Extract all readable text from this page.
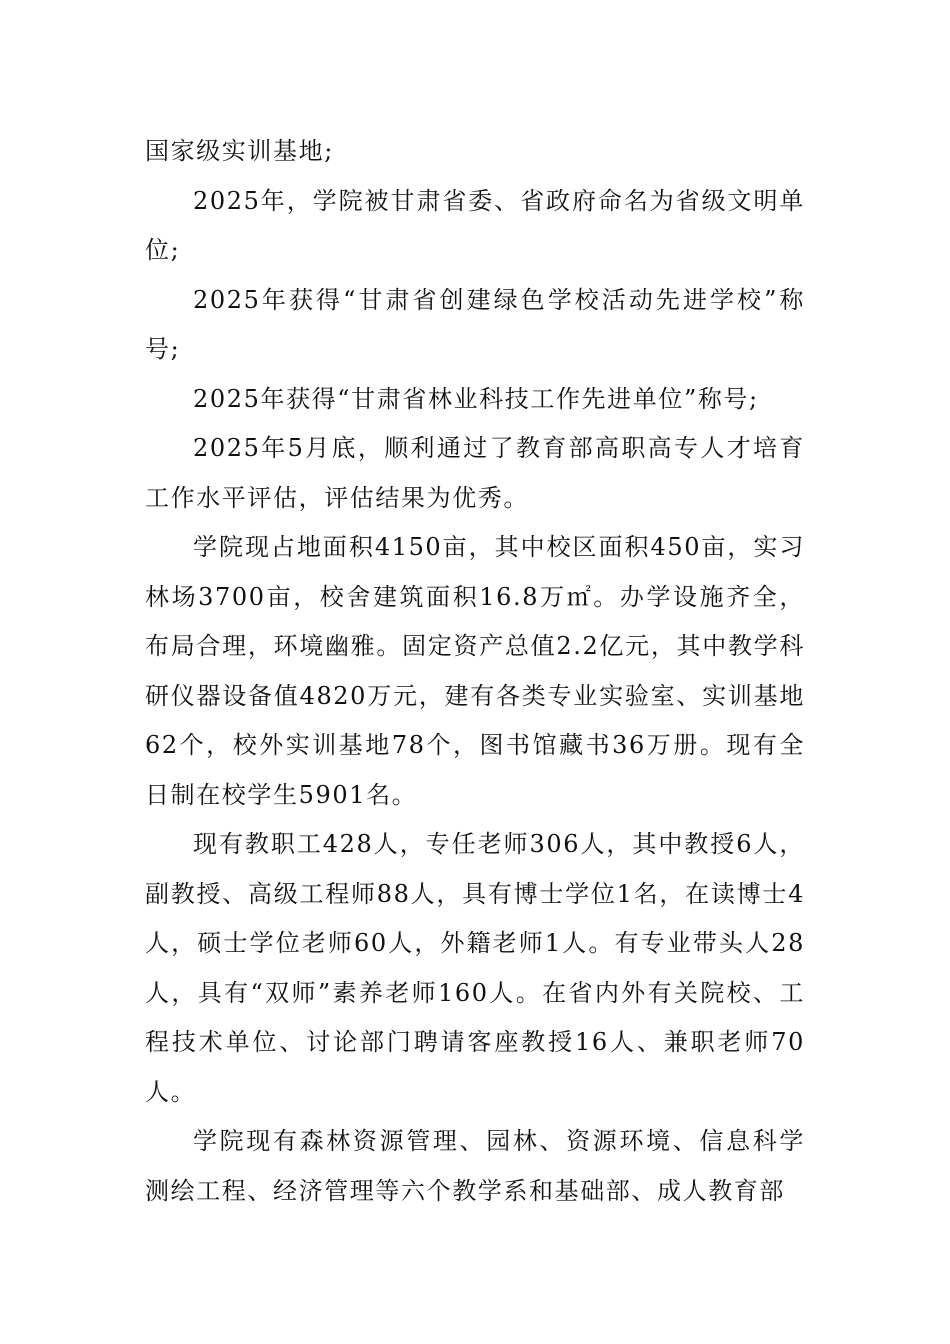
国家级实训基地;

2025年，学院被甘肃省委、省政府命名为省级文明单位;

2025年获得“甘肃省创建绿色学校活动先进学校”称号;

2025年获得“甘肃省林业科技工作先进单位”称号;

2025年5月底，顺利通过了教育部高职高专人才培育工作水平评估，评估结果为优秀。

学院现占地面积4150亩，其中校区面积450亩，实习林场3700亩，校舍建筑面积16.8万㎡。办学设施齐全，布局合理，环境幽雅。固定资产总值2.2亿元，其中教学科研仪器设备值4820万元，建有各类专业实验室、实训基地62个，校外实训基地78个，图书馆藏书36万册。现有全日制在校学生5901名。

现有教职工428人，专任老师306人，其中教授6人，副教授、高级工程师88人，具有博士学位1名，在读博士4人，硕士学位老师60人，外籍老师1人。有专业带头人28人，具有“双师”素养老师160人。在省内外有关院校、工程技术单位、讨论部门聘请客座教授16人、兼职老师70人。

学院现有森林资源管理、园林、资源环境、信息科学测绘工程、经济管理等六个教学系和基础部、成人教育部
